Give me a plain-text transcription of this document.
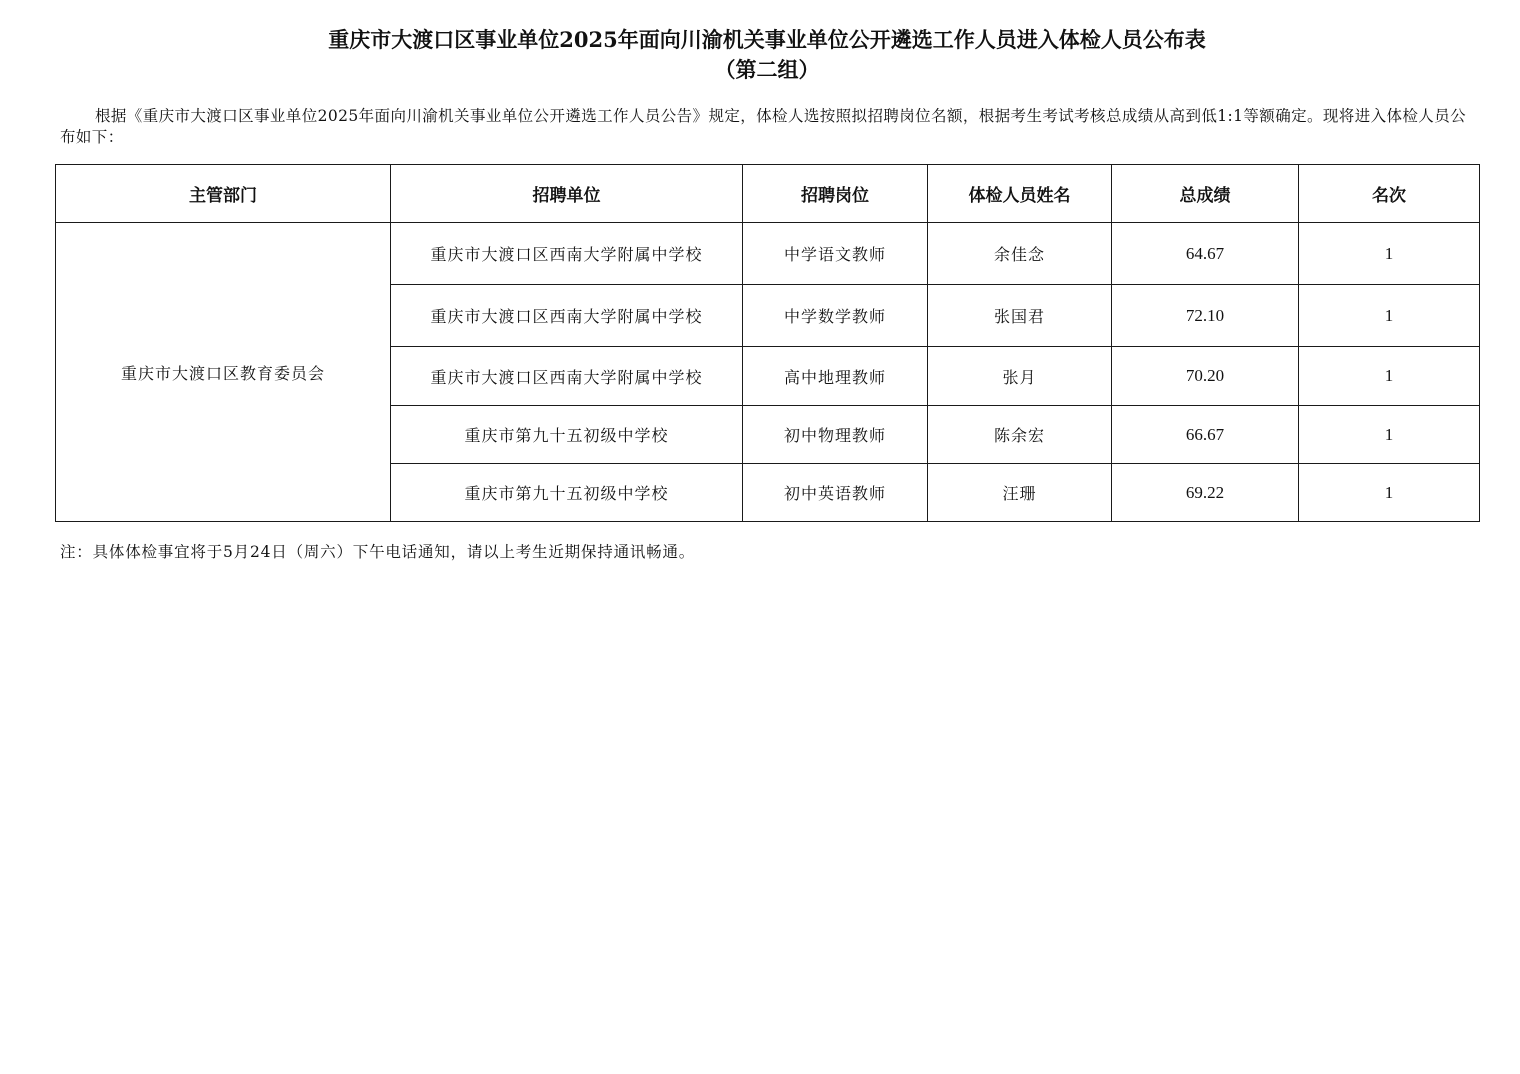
重庆市大渡口区事业单位2025年面向川渝机关事业单位公开遴选工作人员进入体检人员公布表
（第二组）

根据《重庆市大渡口区事业单位2025年面向川渝机关事业单位公开遴选工作人员公告》规定，体检人选按照拟招聘岗位名额，根据考生考试考核总成绩从高到低1:1等额确定。现将进入体检人员公布如下：

主管部门	招聘单位	招聘岗位	体检人员姓名	总成绩	名次
重庆市大渡口区教育委员会	重庆市大渡口区西南大学附属中学校	中学语文教师	余佳念	64.67	1
	重庆市大渡口区西南大学附属中学校	中学数学教师	张国君	72.10	1
	重庆市大渡口区西南大学附属中学校	高中地理教师	张月	70.20	1
	重庆市第九十五初级中学校	初中物理教师	陈余宏	66.67	1
	重庆市第九十五初级中学校	初中英语教师	汪珊	69.22	1

注：具体体检事宜将于5月24日（周六）下午电话通知，请以上考生近期保持通讯畅通。
